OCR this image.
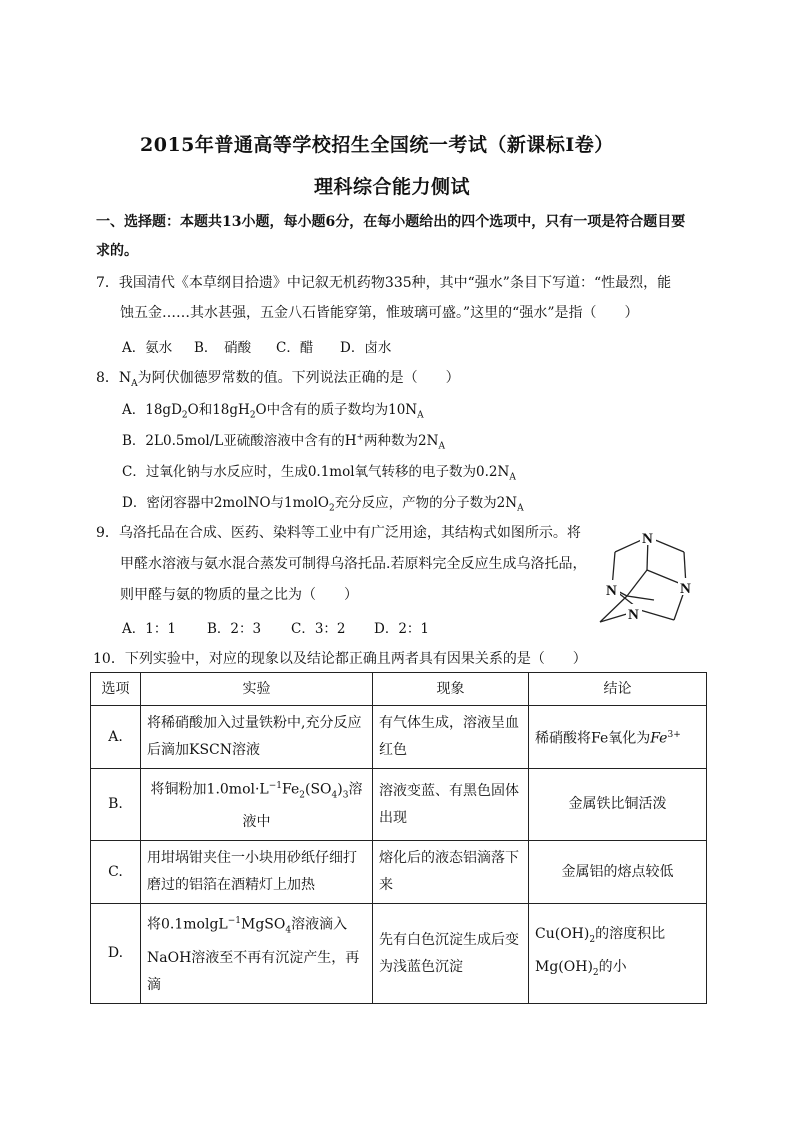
2015年普通高等学校招生全国统一考试（新课标Ⅰ卷）
理科综合能力侧试
一、选择题：本题共13小题，每小题6分，在每小题给出的四个选项中，只有一项是符合题目要
求的。
7．我国清代《本草纲目拾遗》中记叙无机药物335种，其中“强水”条目下写道：“性最烈，能
蚀五金……其水甚强，五金八石皆能穿第，惟玻璃可盛。”这里的“强水”是指（　　）
A．氨水 B．　硝酸 C．醋 D．卤水
8．$N_A$为阿伏伽德罗常数的值。下列说法正确的是（　　）
A．$18gD_2O$和$18gH_2O$中含有的质子数均为$10N_A$
B．2L0.5mol/L亚硫酸溶液中含有的H+两种数为$2N_A$
C．过氧化钠与水反应时，生成0.1mol氧气转移的电子数为$0.2N_A$
D．密闭容器中2molNO与1molO$_2$充分反应，产物的分子数为$2N_A$
9．乌洛托品在合成、医药、染料等工业中有广泛用途，其结构式如图所示。将
甲醛水溶液与氨水混合蒸发可制得乌洛托品.若原料完全反应生成乌洛托品，
则甲醛与氨的物质的量之比为（　　）
A．1：1 B．2：3 C．3：2 D．2：1
N
N	N
N
10．下列实验中，对应的现象以及结论都正确且两者具有因果关系的是（　　）
选项	实验	现象	结论
A.	将稀硝酸加入过量铁粉中,充分反应后滴加KSCN溶液	有气体生成，溶液呈血红色	稀硝酸将Fe氧化为$Fe^{3+}$
B.	将铜粉加$1.0mol\cdot L^{-1}Fe_2(SO_4)_3$溶液中	溶液变蓝、有黑色固体出现	金属铁比铜活泼
C.	用坩埚钳夹住一小块用砂纸仔细打磨过的铝箔在酒精灯上加热	熔化后的液态铝滴落下来	金属铝的熔点较低
D.	将0.1molgL$^{-1}$MgSO$_4$溶液滴入NaOH溶液至不再有沉淀产生，再滴	先有白色沉淀生成后变为浅蓝色沉淀	$Cu(OH)_2$的溶度积比$Mg(OH)_2$的小
